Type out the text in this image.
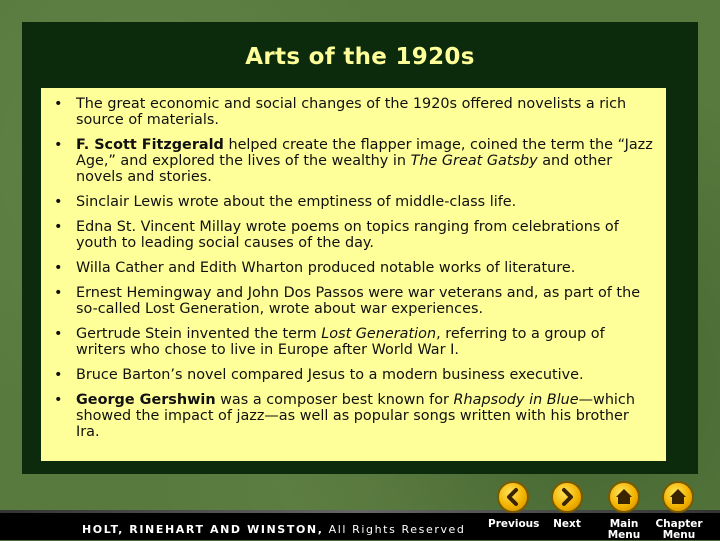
Arts of the 1920s
• The great economic and social changes of the 1920s offered novelists a rich source of materials.
• F. Scott Fitzgerald helped create the flapper image, coined the term the “Jazz Age,” and explored the lives of the wealthy in The Great Gatsby and other novels and stories.
• Sinclair Lewis wrote about the emptiness of middle-class life.
• Edna St. Vincent Millay wrote poems on topics ranging from celebrations of youth to leading social causes of the day.
• Willa Cather and Edith Wharton produced notable works of literature.
• Ernest Hemingway and John Dos Passos were war veterans and, as part of the so-called Lost Generation, wrote about war experiences.
• Gertrude Stein invented the term Lost Generation, referring to a group of writers who chose to live in Europe after World War I.
• Bruce Barton’s novel compared Jesus to a modern business executive.
• George Gershwin was a composer best known for Rhapsody in Blue—which showed the impact of jazz—as well as popular songs written with his brother Ira.
HOLT, RINEHART AND WINSTON, All Rights Reserved Previous	Next	Main
Menu
Chapter
Menu
